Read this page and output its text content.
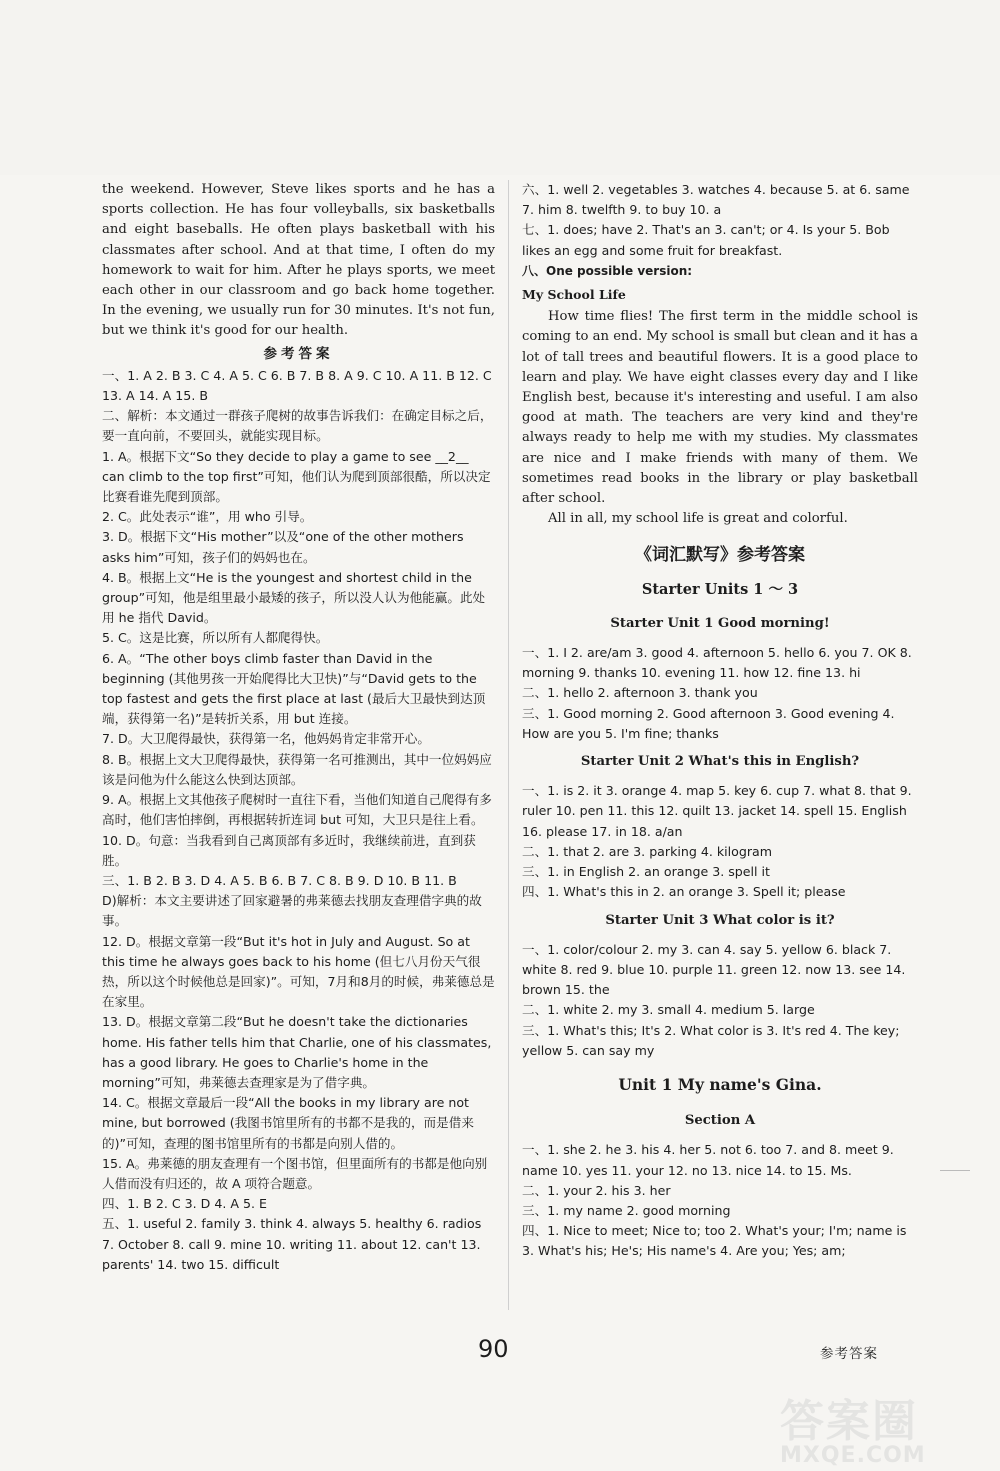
the weekend. However, Steve likes sports and he has a sports collection. He has four volleyballs, six basketballs and eight baseballs. He often plays basketball with his classmates after school. And at that time, I often do my homework to wait for him. After he plays sports, we meet each other in our classroom and go back home together. In the evening, we usually run for 30 minutes. It's not fun, but we think it's good for our health.

参考答案

一、1. A 2. B 3. C 4. A 5. C 6. B 7. B 8. A 9. C 10. A 11. B 12. C 13. A 14. A 15. B

二、解析：本文通过一群孩子爬树的故事告诉我们：在确定目标之后，要一直向前，不要回头，就能实现目标。

1. A。根据下文“So they decide to play a game to see __2__ can climb to the top first”可知，他们认为爬到顶部很酷，所以决定比赛看谁先爬到顶部。

2. C。此处表示“谁”，用 who 引导。

3. D。根据下文“His mother”以及“one of the other mothers asks him”可知，孩子们的妈妈也在。

4. B。根据上文“He is the youngest and shortest child in the group”可知，他是组里最小最矮的孩子，所以没人认为他能赢。此处用 he 指代 David。

5. C。这是比赛，所以所有人都爬得快。

6. A。“The other boys climb faster than David in the beginning (其他男孩一开始爬得比大卫快)”与“David gets to the top fastest and gets the first place at last (最后大卫最快到达顶端，获得第一名)”是转折关系，用 but 连接。

7. D。大卫爬得最快，获得第一名，他妈妈肯定非常开心。

8. B。根据上文大卫爬得最快，获得第一名可推测出，其中一位妈妈应该是问他为什么能这么快到达顶部。

9. A。根据上文其他孩子爬树时一直往下看，当他们知道自己爬得有多高时，他们害怕摔倒，再根据转折连词 but 可知，大卫只是往上看。

10. D。句意：当我看到自己离顶部有多近时，我继续前进，直到获胜。

三、1. B 2. B 3. D 4. A 5. B 6. B 7. C 8. B 9. D 10. B 11. B

D)解析：本文主要讲述了回家避暑的弗莱德去找朋友查理借字典的故事。

12. D。根据文章第一段“But it's hot in July and August. So at this time he always goes back to his home (但七八月份天气很热，所以这个时候他总是回家)”。可知，7月和8月的时候，弗莱德总是在家里。

13. D。根据文章第二段“But he doesn't take the dictionaries home. His father tells him that Charlie, one of his classmates, has a good library. He goes to Charlie's home in the morning”可知，弗莱德去查理家是为了借字典。

14. C。根据文章最后一段“All the books in my library are not mine, but borrowed (我图书馆里所有的书都不是我的，而是借来的)”可知，查理的图书馆里所有的书都是向别人借的。

15. A。弗莱德的朋友查理有一个图书馆，但里面所有的书都是他向别人借而没有归还的，故 A 项符合题意。

四、1. B 2. C 3. D 4. A 5. E

五、1. useful 2. family 3. think 4. always 5. healthy 6. radios 7. October 8. call 9. mine 10. writing 11. about 12. can't 13. parents' 14. two 15. difficult

六、1. well 2. vegetables 3. watches 4. because 5. at 6. same 7. him 8. twelfth 9. to buy 10. a

七、1. does; have 2. That's an 3. can't; or 4. Is your 5. Bob likes an egg and some fruit for breakfast.

八、One possible version:

My School Life

How time flies! The first term in the middle school is coming to an end. My school is small but clean and it has a lot of tall trees and beautiful flowers. It is a good place to learn and play. We have eight classes every day and I like English best, because it's interesting and useful. I am also good at math. The teachers are very kind and they're always ready to help me with my studies. My classmates are nice and I make friends with many of them. We sometimes read books in the library or play basketball after school.

All in all, my school life is great and colorful.

《词汇默写》参考答案

Starter Units 1 ～ 3

Starter Unit 1 Good morning!

一、1. I 2. are/am 3. good 4. afternoon 5. hello 6. you 7. OK 8. morning 9. thanks 10. evening 11. how 12. fine 13. hi

二、1. hello 2. afternoon 3. thank you

三、1. Good morning 2. Good afternoon 3. Good evening 4. How are you 5. I'm fine; thanks

Starter Unit 2 What's this in English?

一、1. is 2. it 3. orange 4. map 5. key 6. cup 7. what 8. that 9. ruler 10. pen 11. this 12. quilt 13. jacket 14. spell 15. English 16. please 17. in 18. a/an

二、1. that 2. are 3. parking 4. kilogram

三、1. in English 2. an orange 3. spell it

四、1. What's this in 2. an orange 3. Spell it; please

Starter Unit 3 What color is it?

一、1. color/colour 2. my 3. can 4. say 5. yellow 6. black 7. white 8. red 9. blue 10. purple 11. green 12. now 13. see 14. brown 15. the

二、1. white 2. my 3. small 4. medium 5. large

三、1. What's this; It's 2. What color is 3. It's red 4. The key; yellow 5. can say my

Unit 1 My name's Gina.

Section A

一、1. she 2. he 3. his 4. her 5. not 6. too 7. and 8. meet 9. name 10. yes 11. your 12. no 13. nice 14. to 15. Ms.

二、1. your 2. his 3. her

三、1. my name 2. good morning

四、1. Nice to meet; Nice to; too 2. What's your; I'm; name is 3. What's his; He's; His name's 4. Are you; Yes; am;

90	参考答案
答案圈
MXQE.COM
